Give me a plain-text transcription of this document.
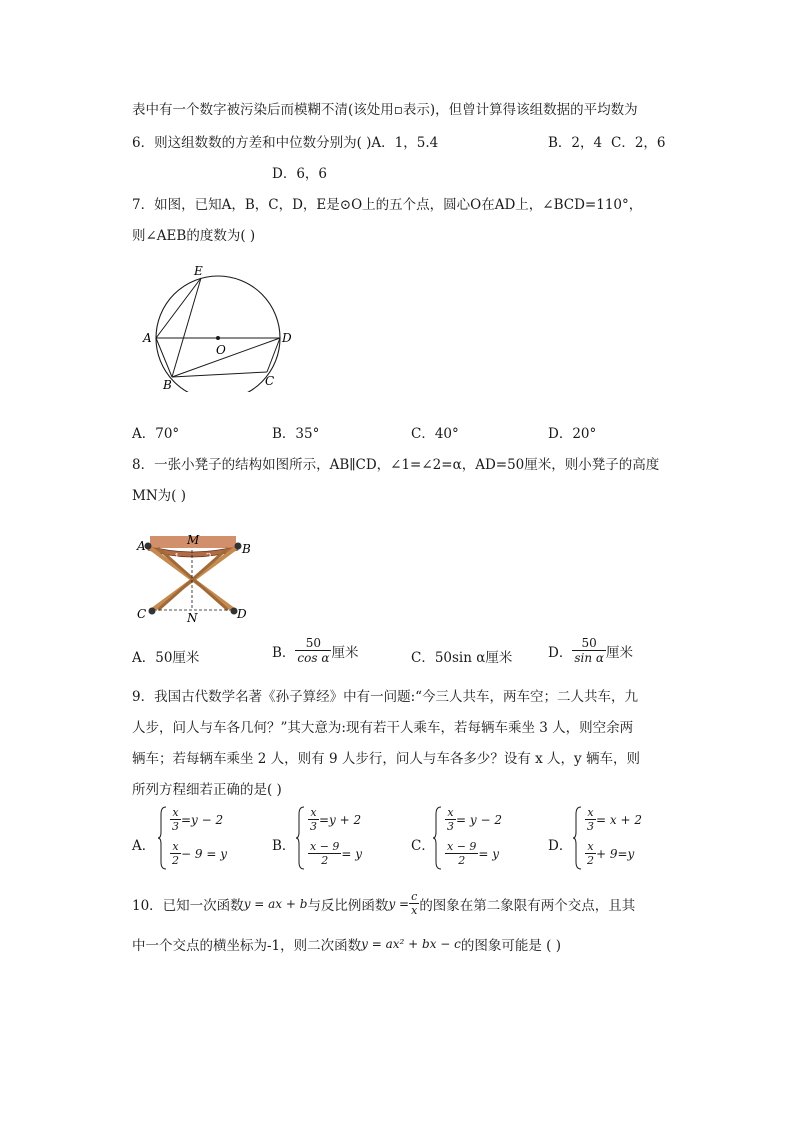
表中有一个数字被污染后而模糊不清(该处用▫表示)，但曾计算得该组数据的平均数为
6．则这组数数的方差和中位数分别为( )A．1，5.4	B．2，4 C．2，6
D．6，6
7．如图，已知A，B，C，D，E是⊙O上的五个点，圆心O在AD上，∠BCD=110°，
则∠AEB的度数为( )
E
A
O
D
B	C
A．70°	B．35°	C．40°	D．20°
8．一张小凳子的结构如图所示，AB∥CD，∠1=∠2=α，AD=50厘米，则小凳子的高度
MN为( )
A	M
B
C	N	D
1	2
A．50厘米	B． $\frac{50}{\text{cos α}}$ 厘米	C．50sin α厘米	D． $\frac{50}{\text{sin α}}$ 厘米
9．我国古代数学名著《孙子算经》中有一问题:“今三人共车，两车空；二人共车，九
人步，问人与车各几何？”其大意为:现有若干人乘车，若每辆车乘坐 3 人，则空余两
辆车；若每辆车乘坐 2 人，则有 9 人步行，问人与车各多少？设有 x 人，y 辆车，则
所列方程细若正确的是( )
A．
$\frac{x}{3} =y - 2$
$\frac{x}{2} - 9 = y$	B．
$\frac{x}{3} =y + 2$
$\frac{x - 9}{2} = y$	C．
$\frac{x}{3} = y - 2$
$\frac{x - 9}{2} = y$	D．
$\frac{x}{3} = x + 2$
$\frac{x}{2} + 9=y$
10．已知一次函数 y = ax + b 与反比例函数 $y = \frac{c}{x}$ 的图象在第二象限有两个交点，且其
中一个交点的横坐标为-1，则二次函数 y = ax² + bx − c 的图象可能是 ( )
